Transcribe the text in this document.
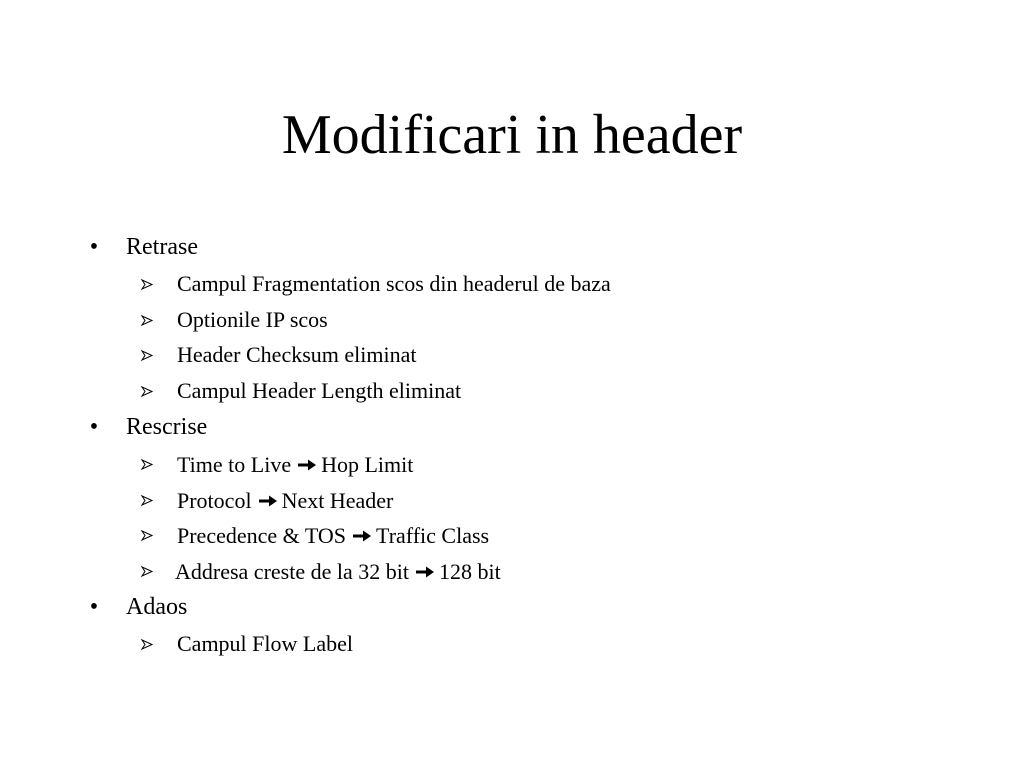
Modificari in header
• Retrase
Campul Fragmentation scos din headerul de baza
Optionile IP scos
Header Checksum eliminat
Campul Header Length eliminat
• Rescrise
Time to Live Hop Limit
Protocol Next Header
Precedence & TOS Traffic Class
Addresa creste de la 32 bit 128 bit
• Adaos
Campul Flow Label
